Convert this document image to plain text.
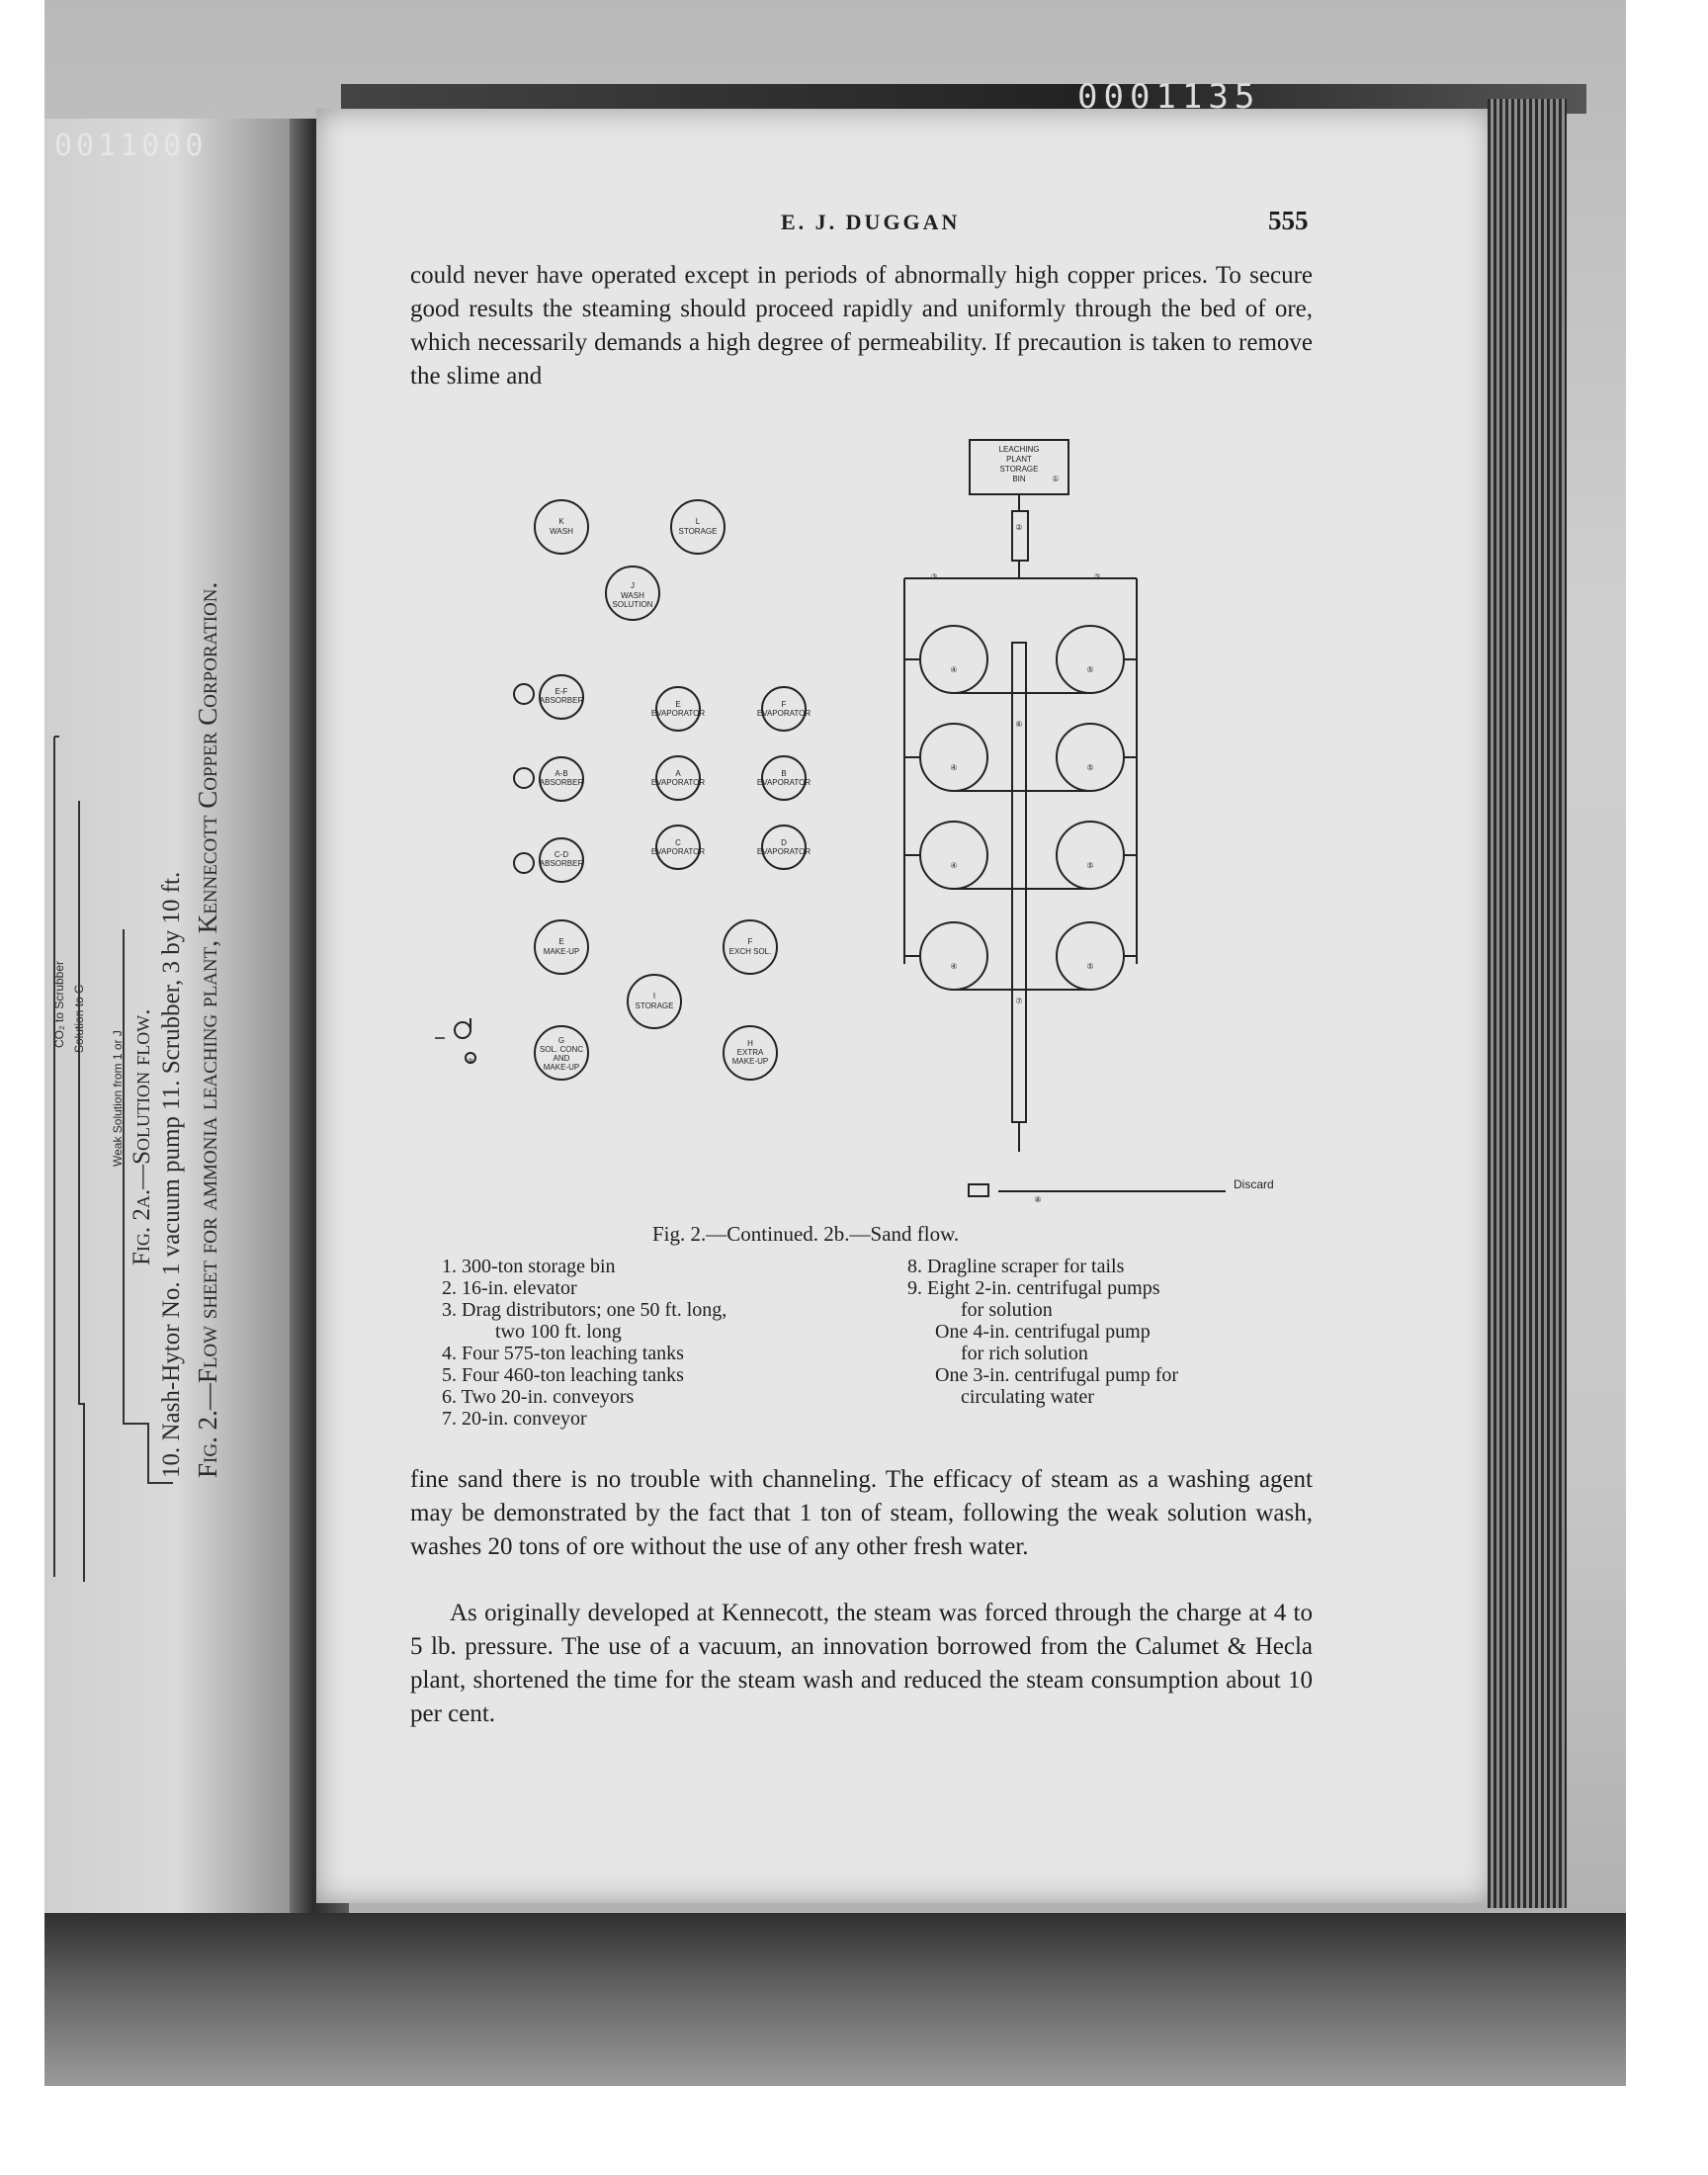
0001135
0011000
Fig. 2.—Flow sheet for ammonia leaching plant, Kennecott Copper Corporation.
10. Nash-Hytor No. 1 vacuum pump 11. Scrubber, 3 by 10 ft.
Fig. 2a.—Solution flow.
Weak Solution from 1 or J
Solution to G
CO₂ to Scrubber
E. J. DUGGAN	555

could never have operated except in periods of abnormally high copper prices. To secure good results the steaming should proceed rapidly and uniformly through the bed of ore, which necessarily demands a high degree of permeability. If precaution is taken to remove the slime and

LEACHING
PLANT
STORAGE
BIN	①
K
WASH
L
STORAGE
J
WASH
SOLUTION
E-F
ABSORBER	E
EVAPORATOR
F
EVAPORATOR
A-B
ABSORBER
A
EVAPORATOR
B
EVAPORATOR
C-D
ABSORBER
C
EVAPORATOR
D
EVAPORATOR
E
MAKE-UP
F
EXCH SOL.
I
STORAGE
G
SOL. CONC
AND
MAKE-UP
H
EXTRA
MAKE-UP
②
③	③
④	⑤
④	⑤
④	⑤
④	⑤
⑥
⑦
⑧
⑨
Discard
Fig. 2.—Continued. 2b.—Sand flow.
1. 300-ton storage bin
2. 16-in. elevator
3. Drag distributors; one 50 ft. long,
two 100 ft. long
4. Four 575-ton leaching tanks
5. Four 460-ton leaching tanks
6. Two 20-in. conveyors
7. 20-in. conveyor
8. Dragline scraper for tails
9. Eight 2-in. centrifugal pumps
for solution
One 4-in. centrifugal pump
for rich solution
One 3-in. centrifugal pump for
circulating water

fine sand there is no trouble with channeling. The efficacy of steam as a washing agent may be demonstrated by the fact that 1 ton of steam, following the weak solution wash, washes 20 tons of ore without the use of any other fresh water.

As originally developed at Kennecott, the steam was forced through the charge at 4 to 5 lb. pressure. The use of a vacuum, an innovation borrowed from the Calumet & Hecla plant, shortened the time for the steam wash and reduced the steam consumption about 10 per cent.
